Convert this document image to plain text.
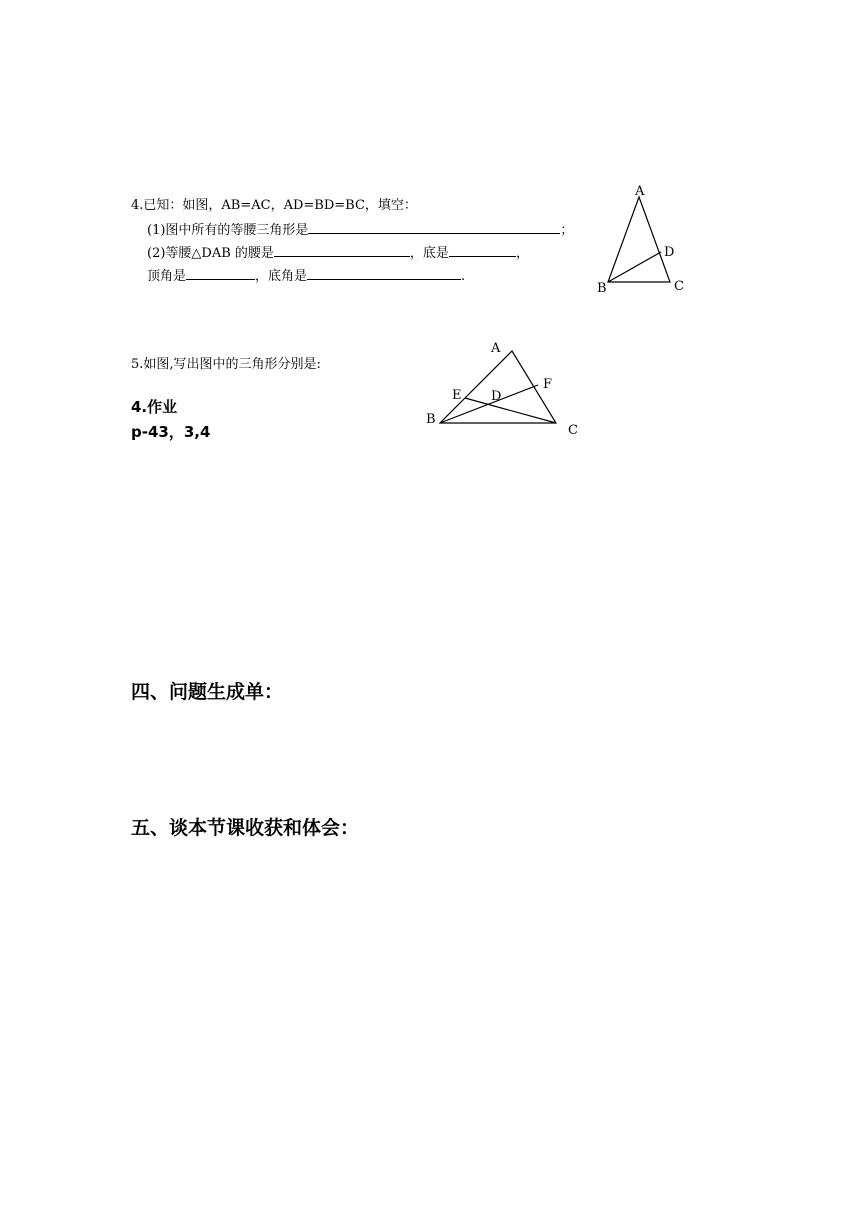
4.已知：如图，AB=AC，AD=BD=BC，填空：
(1)图中所有的等腰三角形是	；
(2)等腰△DAB 的腰是	，底是	，
顶角是	，底角是	.
A
B	C
D
A
B
C
D
E
F
5.如图,写出图中的三角形分别是:
4.作业
p-43，3,4
四、问题生成单：
五、谈本节课收获和体会：
